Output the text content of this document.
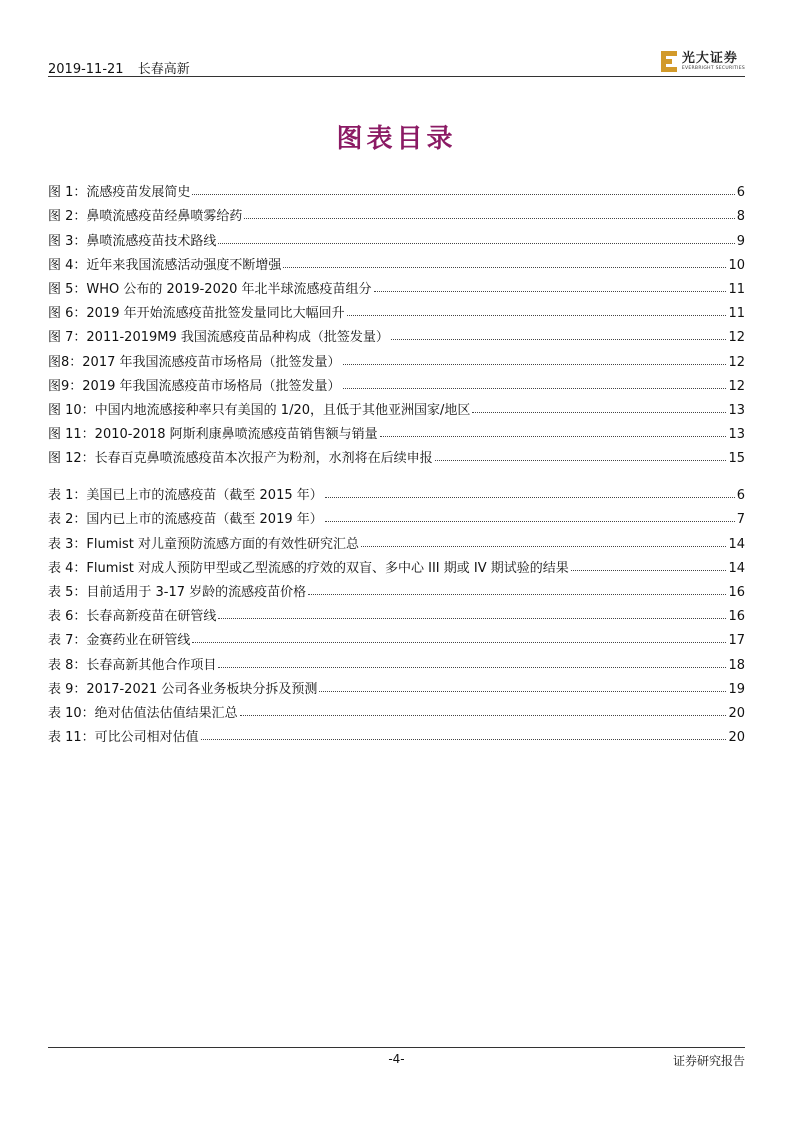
2019-11-21 长春高新
光大证券
EVERBRIGHT SECURITIES
图表目录
图 1：流感疫苗发展简史	6
图 2：鼻喷流感疫苗经鼻喷雾给药	8
图 3：鼻喷流感疫苗技术路线	9
图 4：近年来我国流感活动强度不断增强	10
图 5：WHO 公布的 2019-2020 年北半球流感疫苗组分	11
图 6：2019 年开始流感疫苗批签发量同比大幅回升	11
图 7：2011-2019M9 我国流感疫苗品种构成（批签发量）	12
图8：2017 年我国流感疫苗市场格局（批签发量）	12
图9：2019 年我国流感疫苗市场格局（批签发量）	12
图 10：中国内地流感接种率只有美国的 1/20，且低于其他亚洲国家/地区	13
图 11：2010-2018 阿斯利康鼻喷流感疫苗销售额与销量	13
图 12：长春百克鼻喷流感疫苗本次报产为粉剂，水剂将在后续申报	15
表 1：美国已上市的流感疫苗（截至 2015 年）	6
表 2：国内已上市的流感疫苗（截至 2019 年）	7
表 3：Flumist 对儿童预防流感方面的有效性研究汇总	14
表 4：Flumist 对成人预防甲型或乙型流感的疗效的双盲、多中心 III 期或 IV 期试验的结果	14
表 5：目前适用于 3-17 岁龄的流感疫苗价格	16
表 6：长春高新疫苗在研管线	16
表 7：金赛药业在研管线	17
表 8：长春高新其他合作项目	18
表 9：2017-2021 公司各业务板块分拆及预测	19
表 10：绝对估值法估值结果汇总	20
表 11：可比公司相对估值	20
-4-	证券研究报告
